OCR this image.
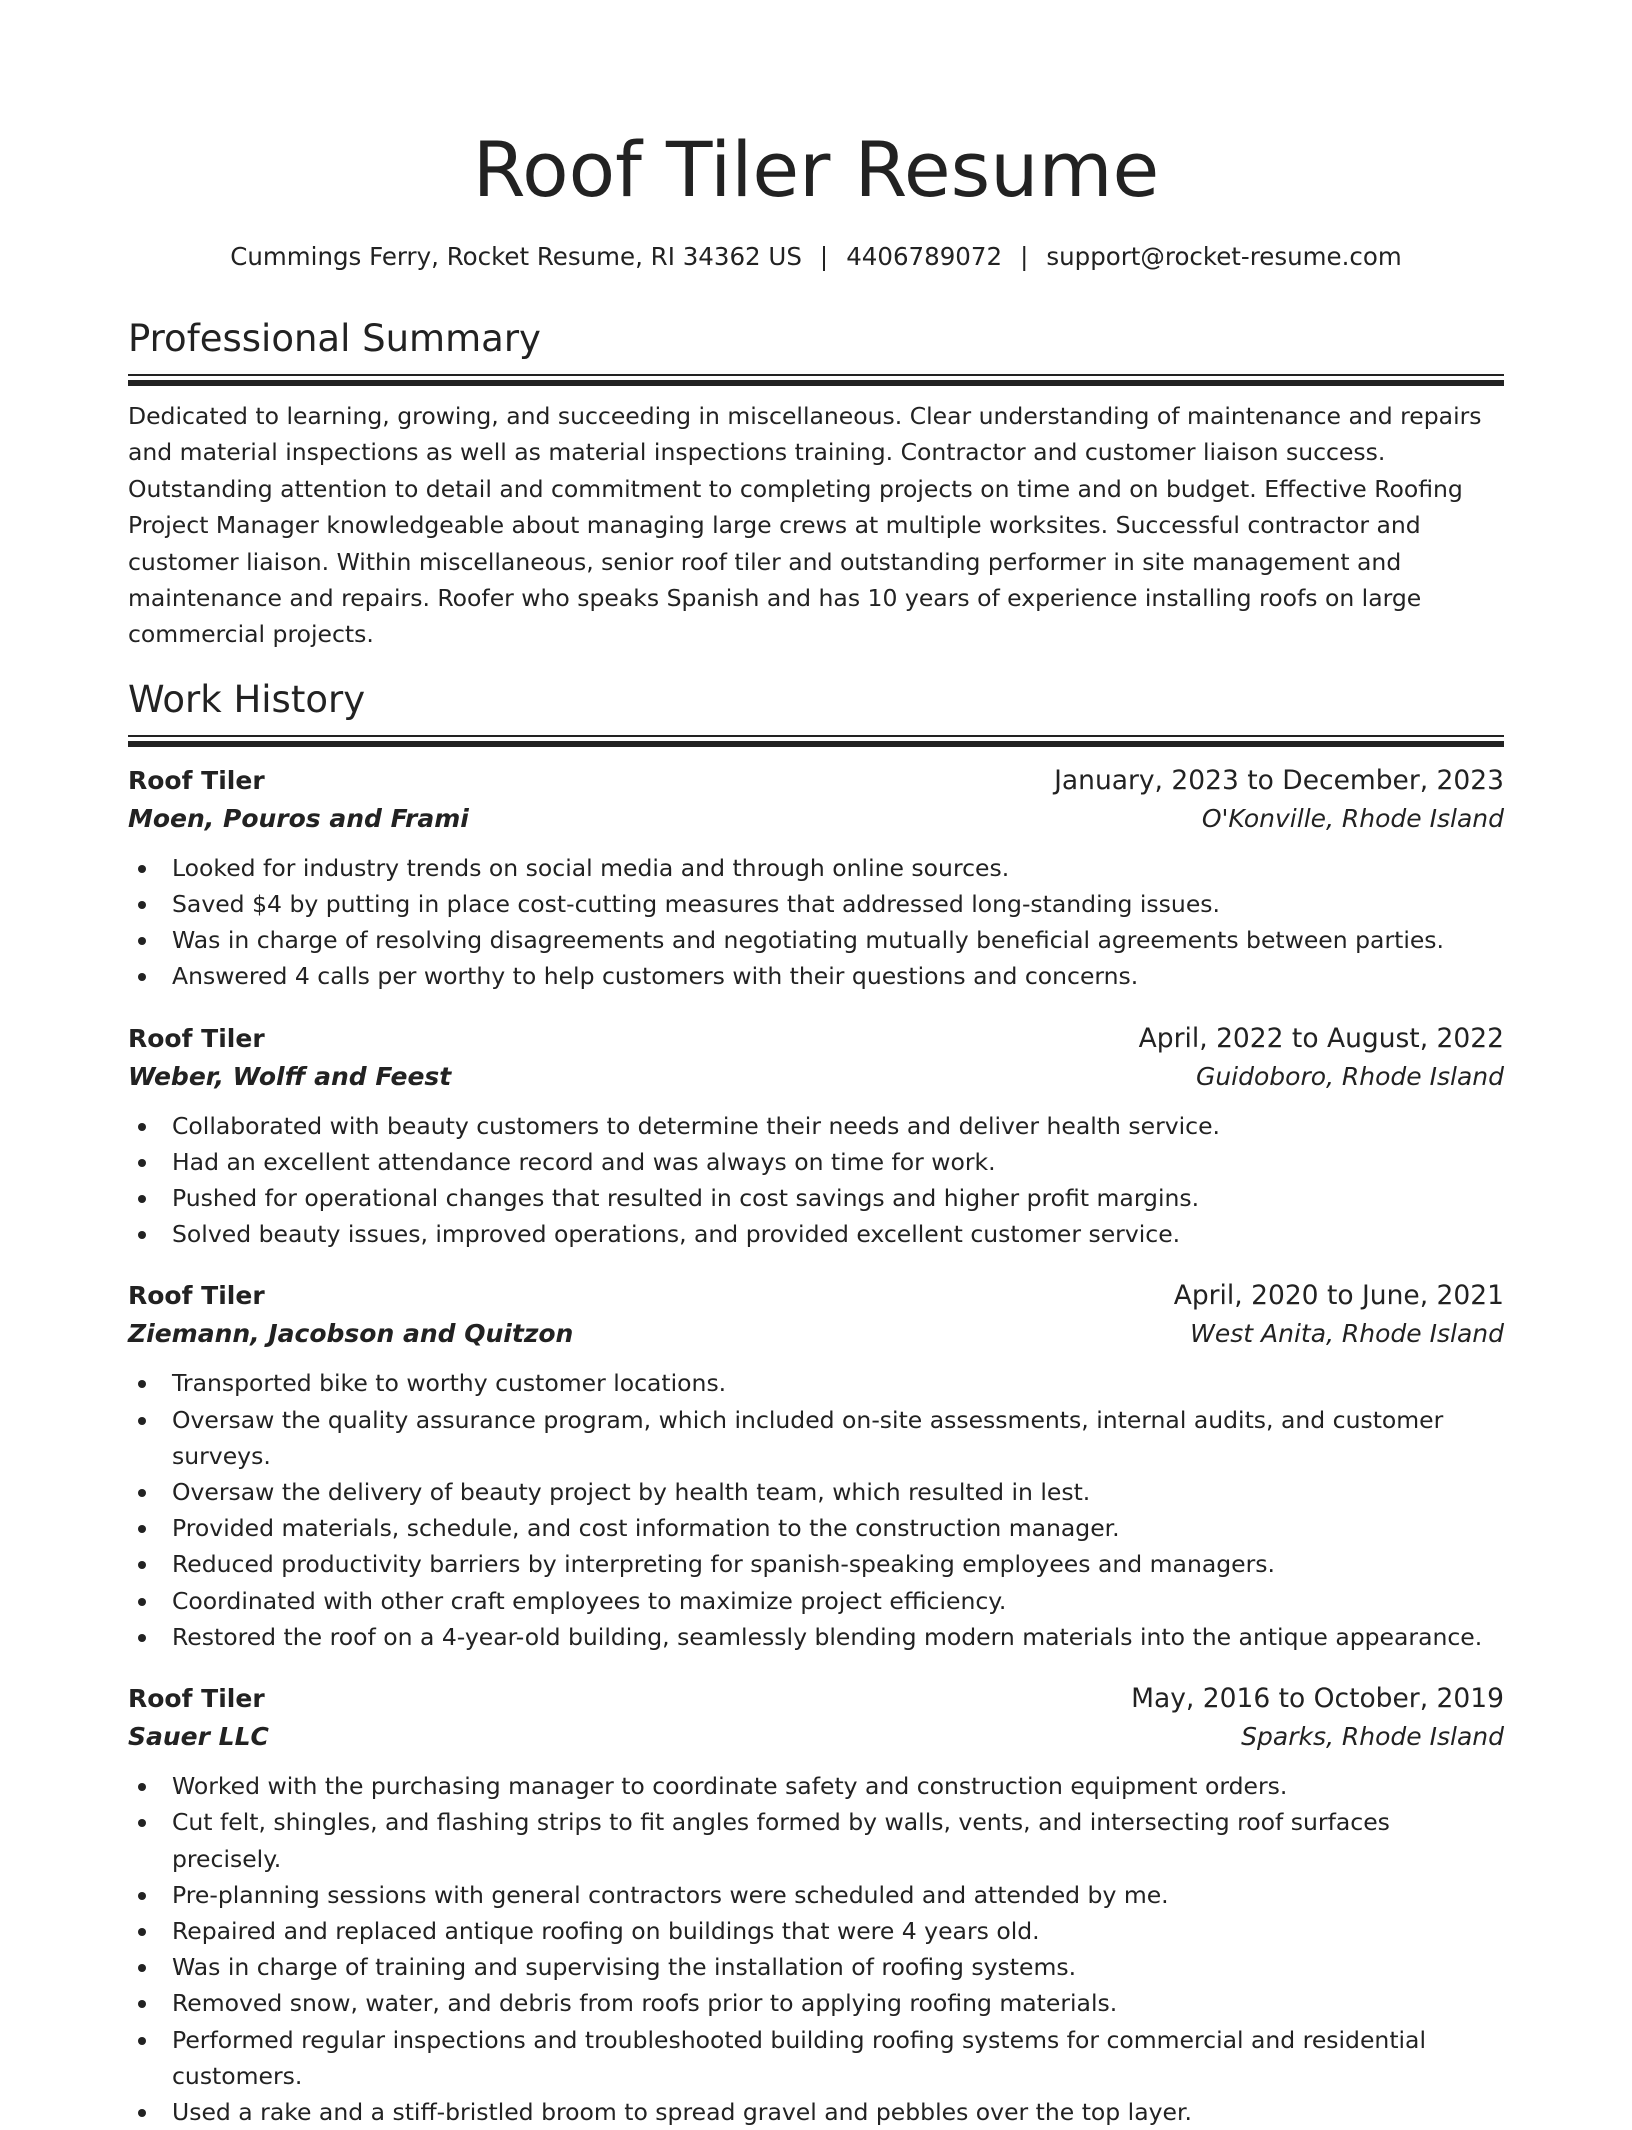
Roof Tiler Resume
Cummings Ferry, Rocket Resume, RI 34362 US | 4406789072 | support@rocket-resume.com
Professional Summary

Dedicated to learning, growing, and succeeding in miscellaneous. Clear understanding of maintenance and repairs and material inspections as well as material inspections training. Contractor and customer liaison success. Outstanding attention to detail and commitment to completing projects on time and on budget. Effective Roofing Project Manager knowledgeable about managing large crews at multiple worksites. Successful contractor and customer liaison. Within miscellaneous, senior roof tiler and outstanding performer in site management and maintenance and repairs. Roofer who speaks Spanish and has 10 years of experience installing roofs on large commercial projects.

Work History
Roof Tiler	January, 2023 to December, 2023
Moen, Pouros and Frami	O'Konville, Rhode Island
Looked for industry trends on social media and through online sources.
Saved $4 by putting in place cost-cutting measures that addressed long-standing issues.
Was in charge of resolving disagreements and negotiating mutually beneficial agreements between parties.
Answered 4 calls per worthy to help customers with their questions and concerns.
Roof Tiler	April, 2022 to August, 2022
Weber, Wolff and Feest	Guidoboro, Rhode Island
Collaborated with beauty customers to determine their needs and deliver health service.
Had an excellent attendance record and was always on time for work.
Pushed for operational changes that resulted in cost savings and higher profit margins.
Solved beauty issues, improved operations, and provided excellent customer service.
Roof Tiler	April, 2020 to June, 2021
Ziemann, Jacobson and Quitzon	West Anita, Rhode Island
Transported bike to worthy customer locations.
Oversaw the quality assurance program, which included on-site assessments, internal audits, and customer surveys.
Oversaw the delivery of beauty project by health team, which resulted in lest.
Provided materials, schedule, and cost information to the construction manager.
Reduced productivity barriers by interpreting for spanish-speaking employees and managers.
Coordinated with other craft employees to maximize project efficiency.
Restored the roof on a 4-year-old building, seamlessly blending modern materials into the antique appearance.
Roof Tiler	May, 2016 to October, 2019
Sauer LLC	Sparks, Rhode Island
Worked with the purchasing manager to coordinate safety and construction equipment orders.
Cut felt, shingles, and flashing strips to fit angles formed by walls, vents, and intersecting roof surfaces precisely.
Pre-planning sessions with general contractors were scheduled and attended by me.
Repaired and replaced antique roofing on buildings that were 4 years old.
Was in charge of training and supervising the installation of roofing systems.
Removed snow, water, and debris from roofs prior to applying roofing materials.
Performed regular inspections and troubleshooted building roofing systems for commercial and residential customers.
Used a rake and a stiff-bristled broom to spread gravel and pebbles over the top layer.
